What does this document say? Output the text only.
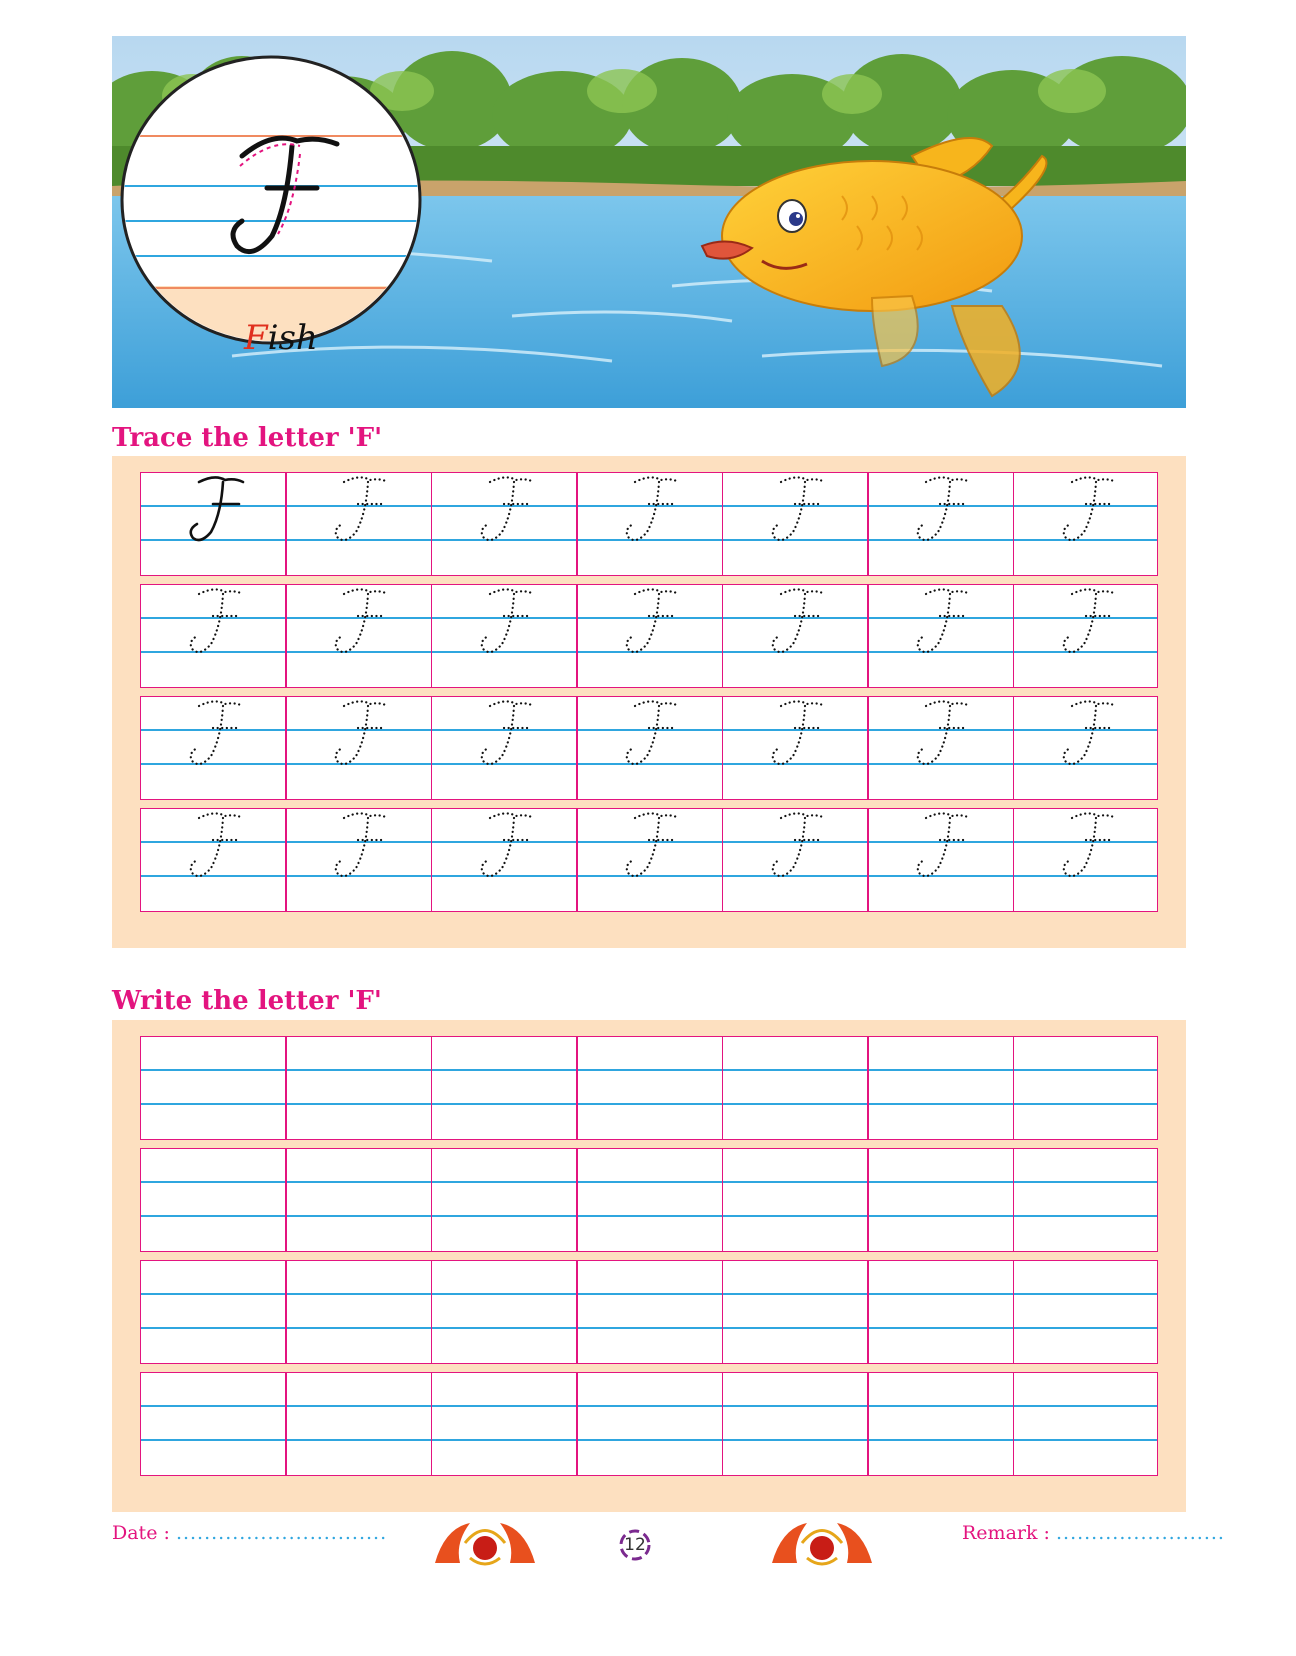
Fish
Trace the letter 'F'
Write the letter 'F'
Date : ..............................
12
Remark : ........................
